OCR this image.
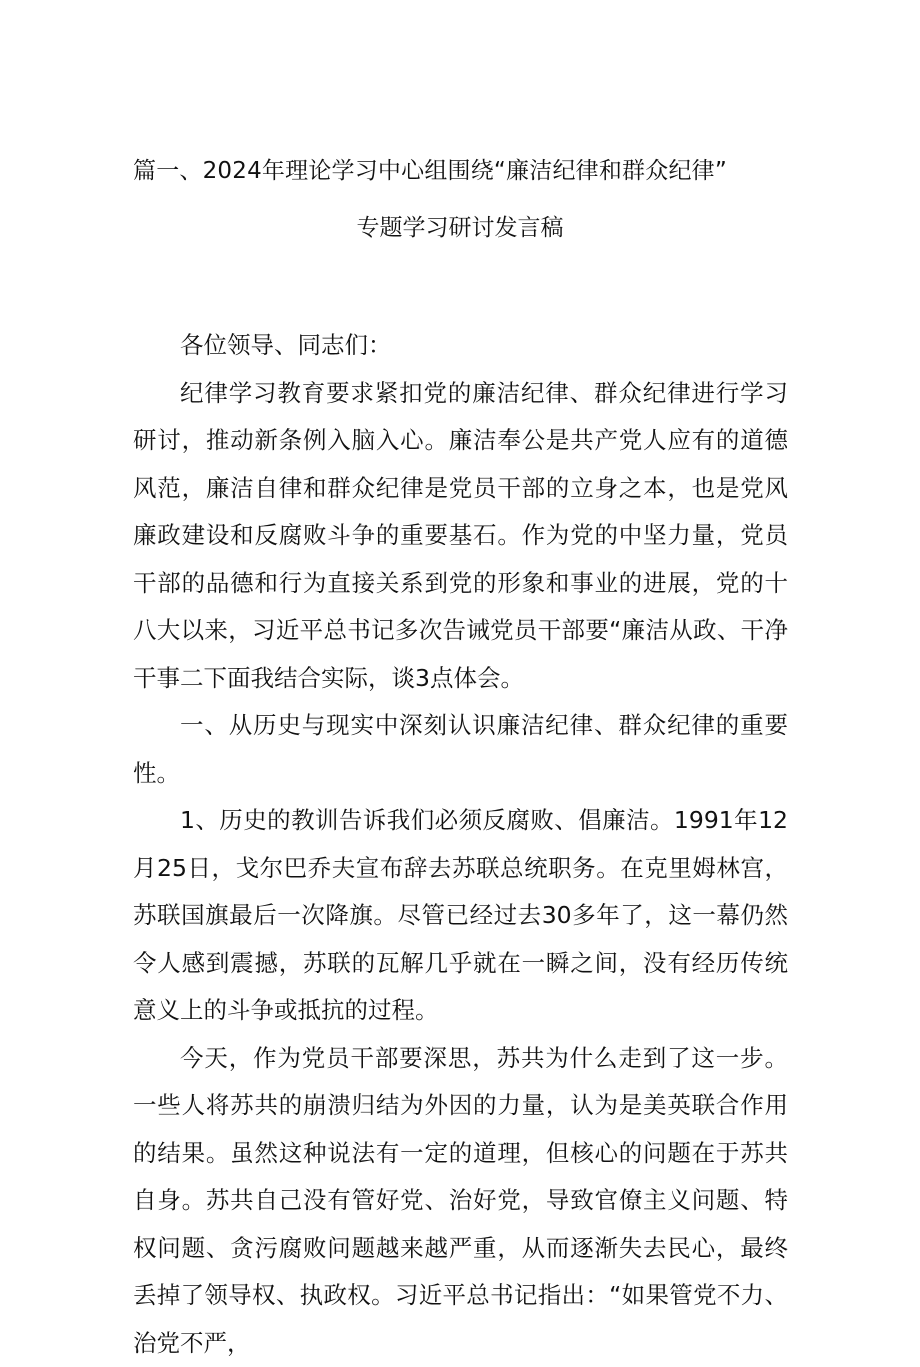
篇一、2024年理论学习中心组围绕“廉洁纪律和群众纪律”
专题学习研讨发言稿

各位领导、同志们：

纪律学习教育要求紧扣党的廉洁纪律、群众纪律进行学习研讨，推动新条例入脑入心。廉洁奉公是共产党人应有的道德风范，廉洁自律和群众纪律是党员干部的立身之本，也是党风廉政建设和反腐败斗争的重要基石。作为党的中坚力量，党员干部的品德和行为直接关系到党的形象和事业的进展，党的十八大以来，习近平总书记多次告诫党员干部要“廉洁从政、干净干事二下面我结合实际，谈3点体会。

一、从历史与现实中深刻认识廉洁纪律、群众纪律的重要性。

1、历史的教训告诉我们必须反腐败、倡廉洁。1991年12月25日，戈尔巴乔夫宣布辞去苏联总统职务。在克里姆林宫，苏联国旗最后一次降旗。尽管已经过去30多年了，这一幕仍然令人感到震撼，苏联的瓦解几乎就在一瞬之间，没有经历传统意义上的斗争或抵抗的过程。

今天，作为党员干部要深思，苏共为什么走到了这一步。一些人将苏共的崩溃归结为外因的力量，认为是美英联合作用的结果。虽然这种说法有一定的道理，但核心的问题在于苏共自身。苏共自己没有管好党、治好党，导致官僚主义问题、特权问题、贪污腐败问题越来越严重，从而逐渐失去民心，最终丢掉了领导权、执政权。习近平总书记指出：“如果管党不力、治党不严，
